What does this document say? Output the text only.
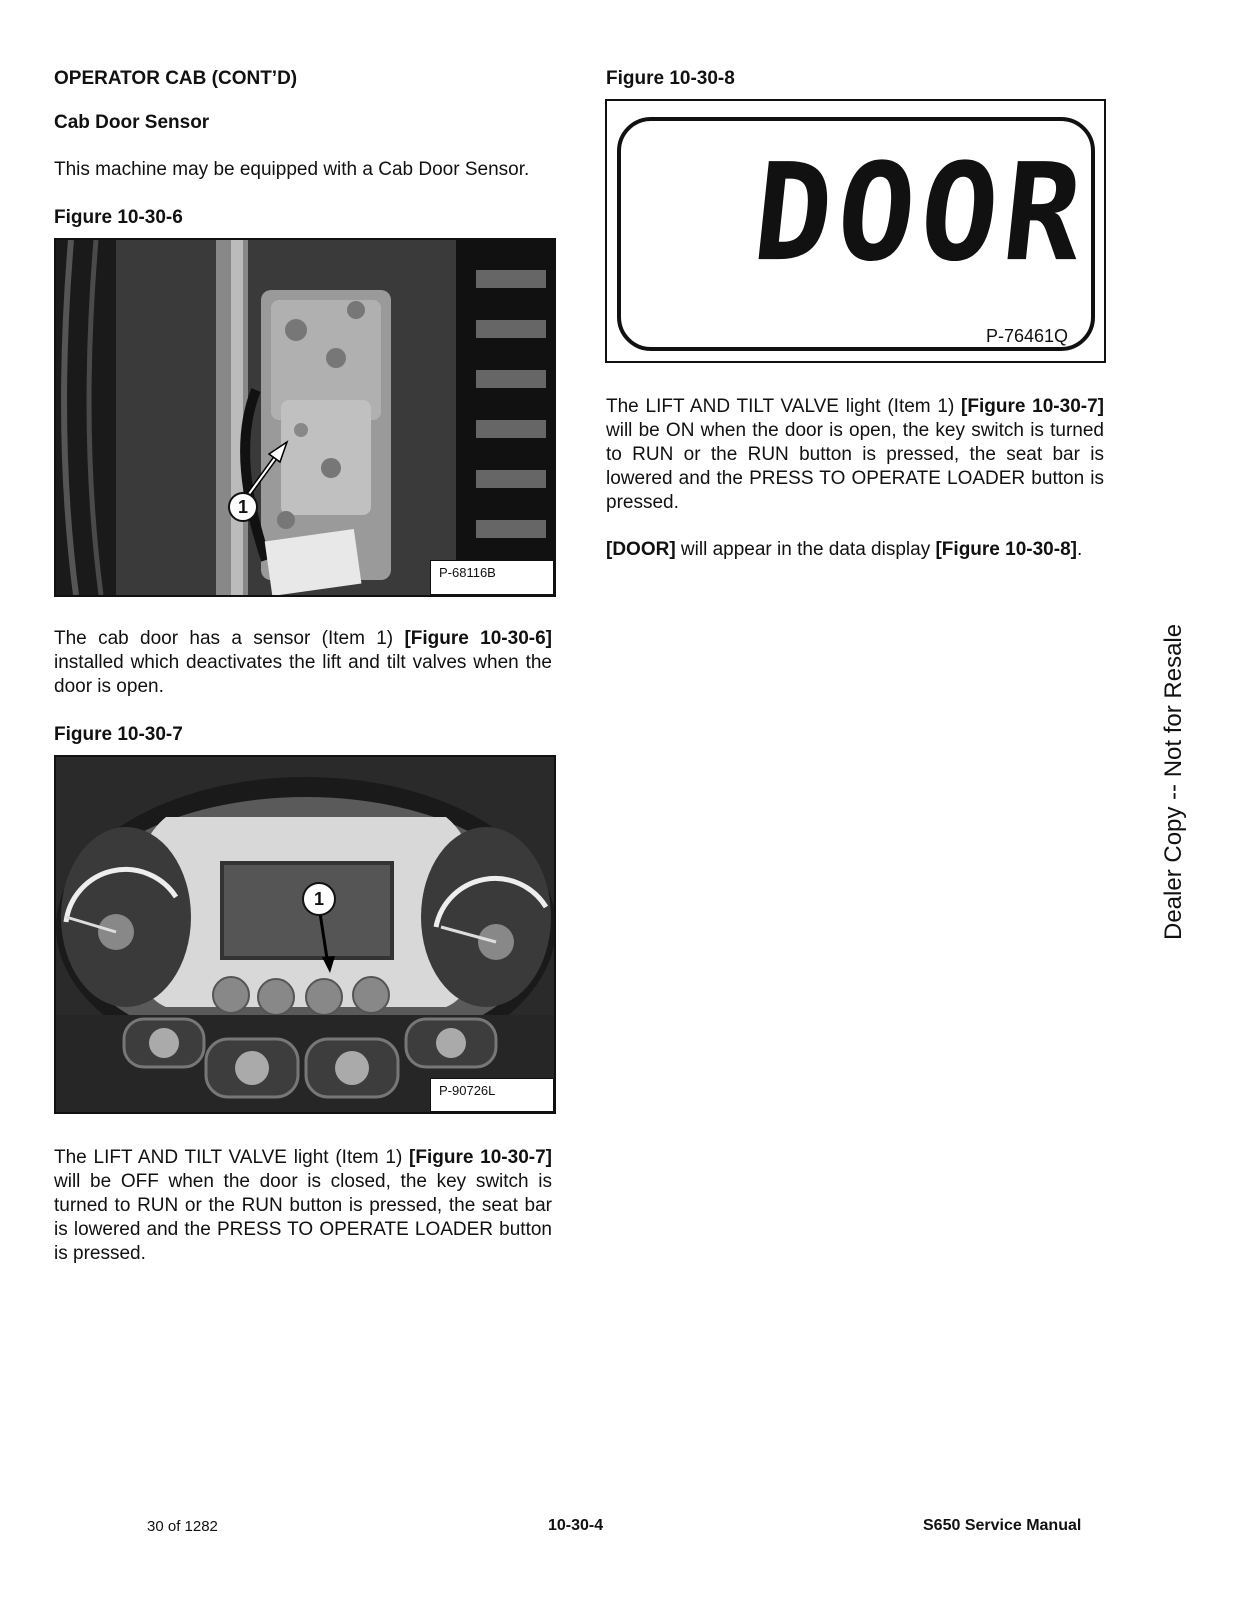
OPERATOR CAB (CONT’D)
Cab Door Sensor
This machine may be equipped with a Cab Door Sensor.
Figure 10-30-6
1
P-68116B

The cab door has a sensor (Item 1) [Figure 10-30-6] installed which deactivates the lift and tilt valves when the door is open.

Figure 10-30-7
1
P-90726L

The LIFT AND TILT VALVE light (Item 1) [Figure 10-30-7] will be OFF when the door is closed, the key switch is turned to RUN or the RUN button is pressed, the seat bar is lowered and the PRESS TO OPERATE LOADER button is pressed.

Figure 10-30-8
DOOR
P-76461Q

The LIFT AND TILT VALVE light (Item 1) [Figure 10-30-7] will be ON when the door is open, the key switch is turned to RUN or the RUN button is pressed, the seat bar is lowered and the PRESS TO OPERATE LOADER button is pressed.

[DOOR] will appear in the data display [Figure 10-30-8].

Dealer Copy -- Not for Resale
30 of 1282	10-30-4	S650 Service Manual
